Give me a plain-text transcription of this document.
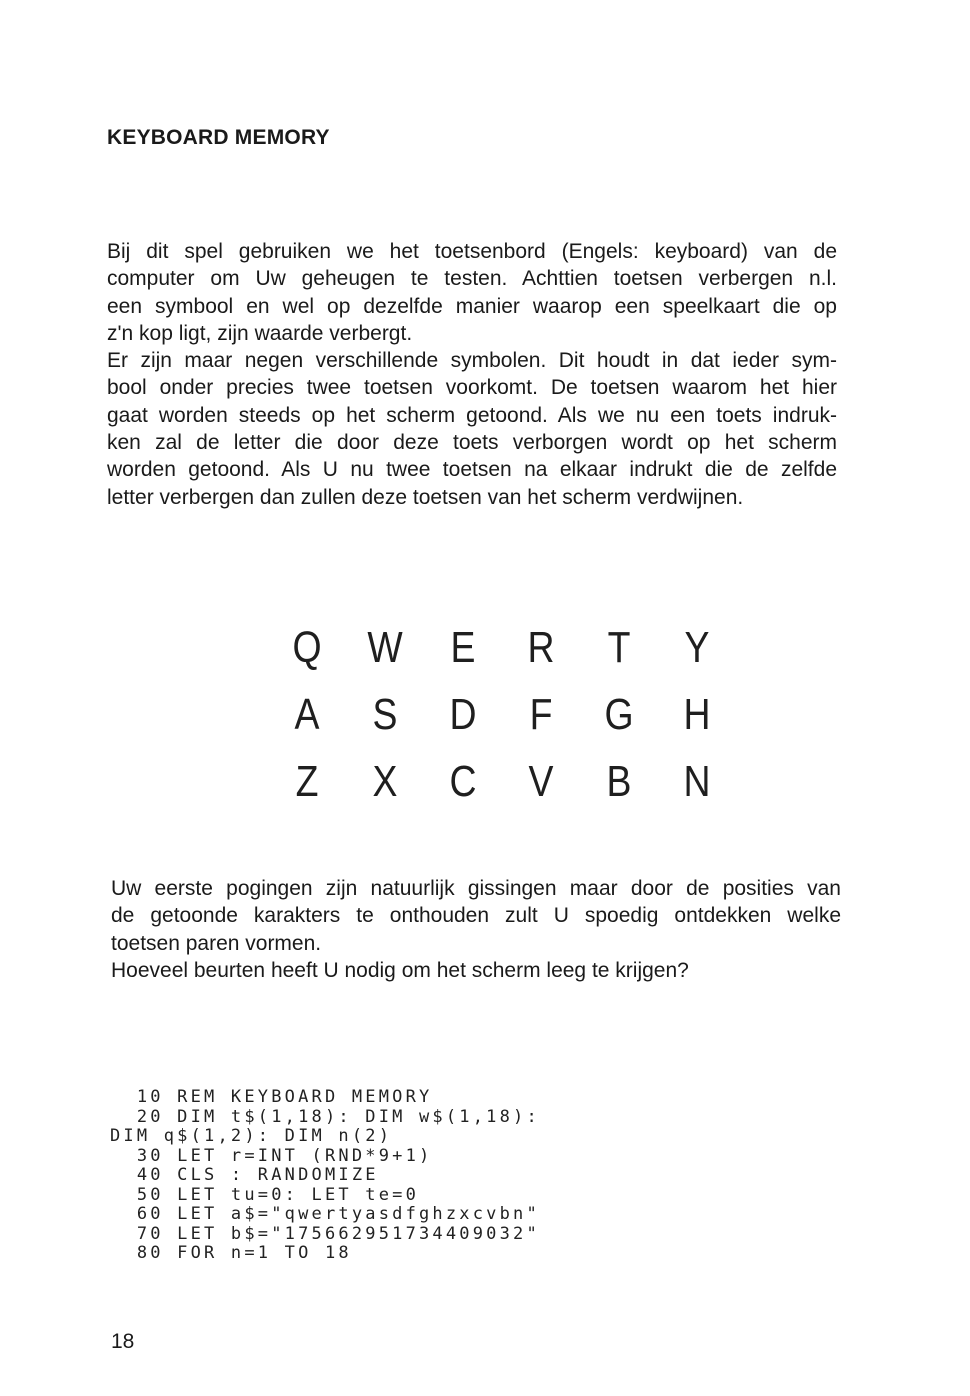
KEYBOARD MEMORY

Bij dit spel gebruiken we het toetsenbord (Engels: keyboard) van de
computer om Uw geheugen te testen. Achttien toetsen verbergen n.l.
een symbool en wel op dezelfde manier waarop een speelkaart die op
z'n kop ligt, zijn waarde verbergt.
Er zijn maar negen verschillende symbolen. Dit houdt in dat ieder sym-
bool onder precies twee toetsen voorkomt. De toetsen waarom het hier
gaat worden steeds op het scherm getoond. Als we nu een toets indruk-
ken zal de letter die door deze toets verborgen wordt op het scherm
worden getoond. Als U nu twee toetsen na elkaar indrukt die de zelfde
letter verbergen dan zullen deze toetsen van het scherm verdwijnen.

Q	W	E	R	T	Y
A	S	D	F	G	H
Z	X	C	V	B	N

Uw eerste pogingen zijn natuurlijk gissingen maar door de posities van
de getoonde karakters te onthouden zult U spoedig ontdekken welke
toetsen paren vormen.
Hoeveel beurten heeft U nodig om het scherm leeg te krijgen?

10 REM KEYBOARD MEMORY
20 DIM t$(1,18): DIM w$(1,18):
DIM q$(1,2): DIM n(2)
30 LET r=INT (RND*9+1)
40 CLS : RANDOMIZE
50 LET tu=0: LET te=0
60 LET a$="qwertyasdfghzxcvbn"
70 LET b$="175662951734409032"
80 FOR n=1 TO 18
18
